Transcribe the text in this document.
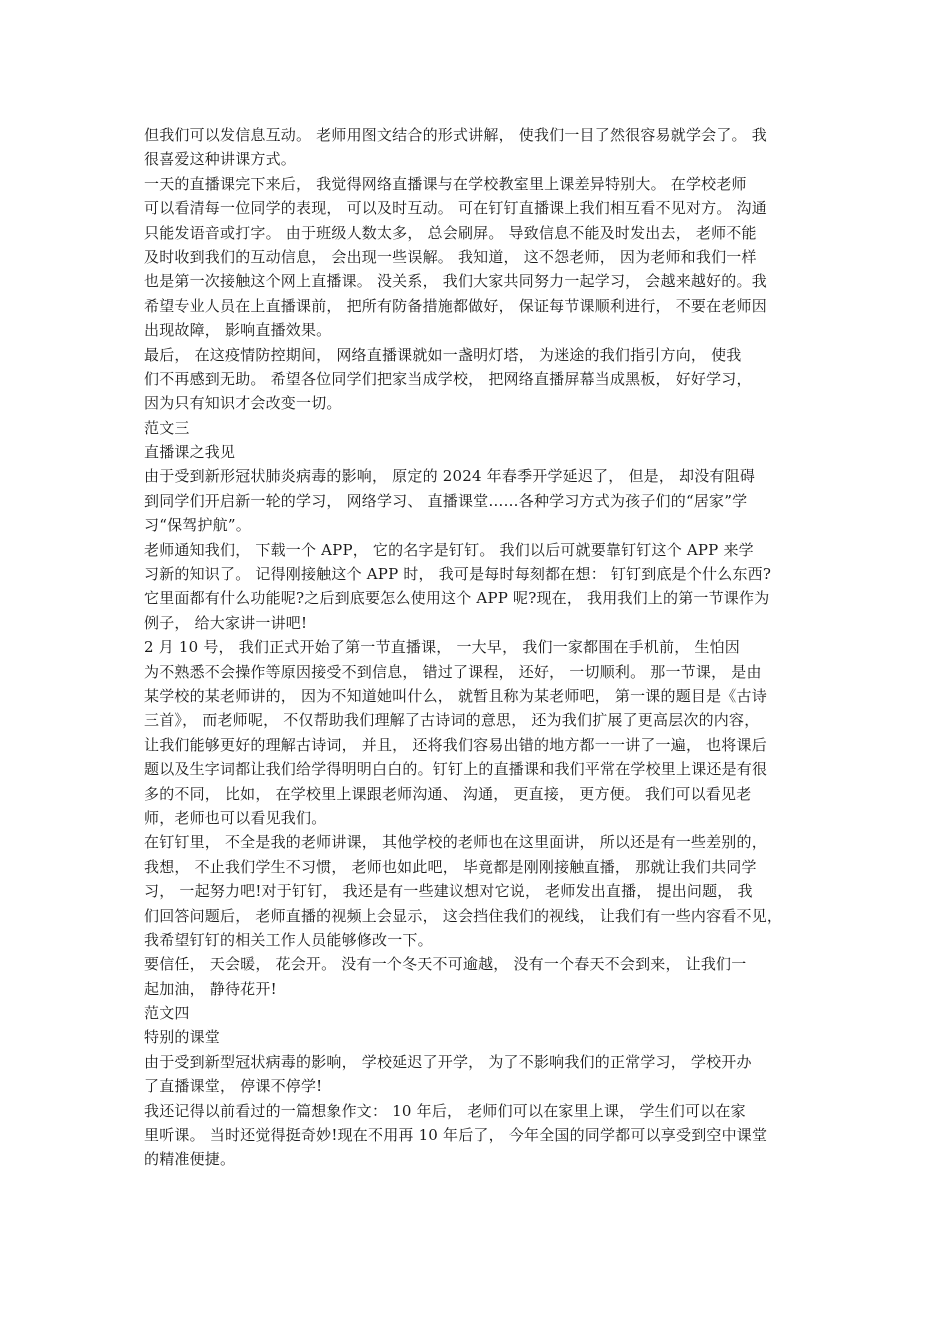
但我们可以发信息互动。 老师用图文结合的形式讲解， 使我们一目了然很容易就学会了。 我
很喜爱这种讲课方式。
一天的直播课完下来后， 我觉得网络直播课与在学校教室里上课差异特别大。 在学校老师
可以看清每一位同学的表现， 可以及时互动。 可在钉钉直播课上我们相互看不见对方。 沟通
只能发语音或打字。 由于班级人数太多， 总会刷屏。 导致信息不能及时发出去， 老师不能
及时收到我们的互动信息， 会出现一些误解。 我知道， 这不怨老师， 因为老师和我们一样
也是第一次接触这个网上直播课。 没关系， 我们大家共同努力一起学习， 会越来越好的。我
希望专业人员在上直播课前， 把所有防备措施都做好， 保证每节课顺利进行， 不要在老师因
出现故障， 影响直播效果。
最后， 在这疫情防控期间， 网络直播课就如一盏明灯塔， 为迷途的我们指引方向， 使我
们不再感到无助。 希望各位同学们把家当成学校， 把网络直播屏幕当成黑板， 好好学习，
因为只有知识才会改变一切。
范文三
直播课之我见
由于受到新形冠状肺炎病毒的影响， 原定的 2024 年春季开学延迟了， 但是， 却没有阻碍
到同学们开启新一轮的学习， 网络学习、 直播课堂……各种学习方式为孩子们的“居家”学
习“保驾护航”。
老师通知我们， 下载一个 APP， 它的名字是钉钉。 我们以后可就要靠钉钉这个 APP 来学
习新的知识了。 记得刚接触这个 APP 时， 我可是每时每刻都在想： 钉钉到底是个什么东西?
它里面都有什么功能呢?之后到底要怎么使用这个 APP 呢?现在， 我用我们上的第一节课作为
例子， 给大家讲一讲吧!
2 月 10 号， 我们正式开始了第一节直播课， 一大早， 我们一家都围在手机前， 生怕因
为不熟悉不会操作等原因接受不到信息， 错过了课程， 还好， 一切顺利。 那一节课， 是由
某学校的某老师讲的， 因为不知道她叫什么， 就暂且称为某老师吧， 第一课的题目是《古诗
三首》， 而老师呢， 不仅帮助我们理解了古诗词的意思， 还为我们扩展了更高层次的内容，
让我们能够更好的理解古诗词， 并且， 还将我们容易出错的地方都一一讲了一遍， 也将课后
题以及生字词都让我们给学得明明白白的。钉钉上的直播课和我们平常在学校里上课还是有很
多的不同， 比如， 在学校里上课跟老师沟通、 沟通， 更直接， 更方便。 我们可以看见老
师，老师也可以看见我们。
在钉钉里， 不全是我的老师讲课， 其他学校的老师也在这里面讲， 所以还是有一些差别的，
我想， 不止我们学生不习惯， 老师也如此吧， 毕竟都是刚刚接触直播， 那就让我们共同学
习， 一起努力吧!对于钉钉， 我还是有一些建议想对它说， 老师发出直播， 提出问题， 我
们回答问题后， 老师直播的视频上会显示， 这会挡住我们的视线， 让我们有一些内容看不见，
我希望钉钉的相关工作人员能够修改一下。
要信任， 天会暖， 花会开。 没有一个冬天不可逾越， 没有一个春天不会到来， 让我们一
起加油， 静待花开!
范文四
特别的课堂
由于受到新型冠状病毒的影响， 学校延迟了开学， 为了不影响我们的正常学习， 学校开办
了直播课堂， 停课不停学!
我还记得以前看过的一篇想象作文： 10 年后， 老师们可以在家里上课， 学生们可以在家
里听课。 当时还觉得挺奇妙!现在不用再 10 年后了， 今年全国的同学都可以享受到空中课堂
的精准便捷。
